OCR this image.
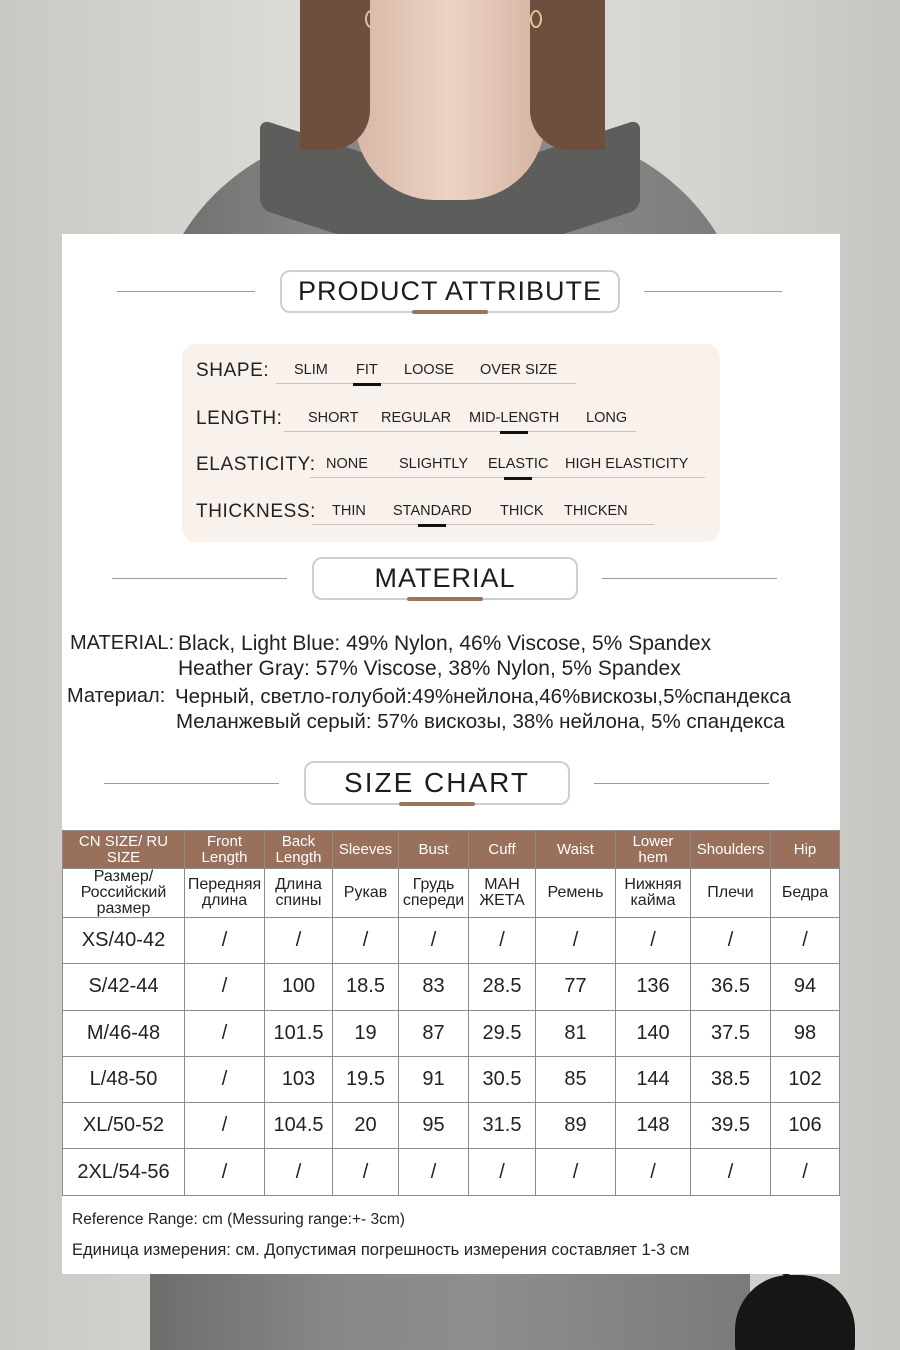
PRODUCT ATTRIBUTE
SHAPE: SLIM FIT LOOSE OVER SIZE
LENGTH: SHORT REGULAR MID-LENGTH LONG
ELASTICITY: NONE SLIGHTLY ELASTIC HIGH ELASTICITY
THICKNESS: THIN STANDARD THICK THICKEN
MATERIAL
MATERIAL: Black, Light Blue: 49% Nylon, 46% Viscose, 5% Spandex
Heather Gray: 57% Viscose, 38% Nylon, 5% Spandex
Материал: Черный, светло-голубой:49%нейлона,46%вискозы,5%спандекса
Меланжевый серый: 57% вискозы, 38% нейлона, 5% спандекса
SIZE CHART
CN SIZE/ RU SIZE	Front Length	Back Length	Sleeves	Bust	Cuff	Waist	Lower hem	Shoulders	Hip
Размер/ Российский размер	Передняя длина	Длина спины	Рукав	Грудь спереди	МАН ЖЕТА	Ремень	Нижняя кайма	Плечи	Бедра
XS/40-42	/	/	/	/	/	/	/	/	/
S/42-44	/	100	18.5	83	28.5	77	136	36.5	94
M/46-48	/	101.5	19	87	29.5	81	140	37.5	98
L/48-50	/	103	19.5	91	30.5	85	144	38.5	102
XL/50-52	/	104.5	20	95	31.5	89	148	39.5	106
2XL/54-56	/	/	/	/	/	/	/	/	/
Reference Range: cm (Messuring range:+- 3cm)
Единица измерения: см. Допустимая погрешность измерения составляет 1-3 см
